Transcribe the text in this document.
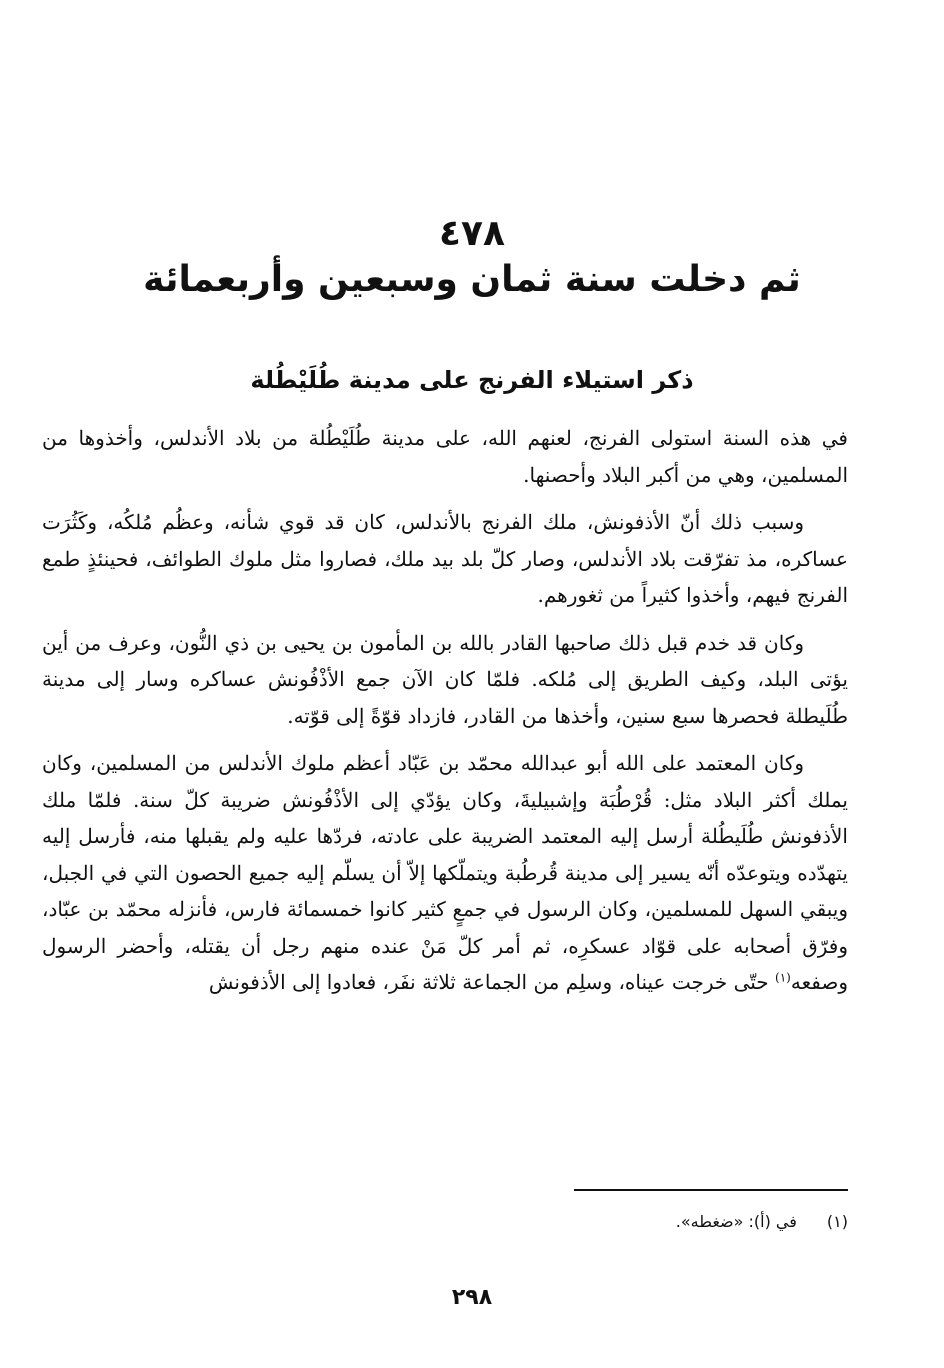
٤٧٨
ثم دخلت سنة ثمان وسبعين وأربعمائة
ذكر استيلاء الفرنج على مدينة طُلَيْطُلة

في هذه السنة استولى الفرنج، لعنهم الله، على مدينة طُلَيْطُلة من بلاد الأندلس، وأخذوها من المسلمين، وهي من أكبر البلاد وأحصنها.

وسبب ذلك أنّ الأذفونش، ملك الفرنج بالأندلس، كان قد قوي شأنه، وعظُم مُلكُه، وكَثُرَت عساكره، مذ تفرّقت بلاد الأندلس، وصار كلّ بلد بيد ملك، فصاروا مثل ملوك الطوائف، فحينئذٍ طمع الفرنج فيهم، وأخذوا كثيراً من ثغورهم.

وكان قد خدم قبل ذلك صاحبها القادر بالله بن المأمون بن يحيى بن ذي النُّون، وعرف من أين يؤتى البلد، وكيف الطريق إلى مُلكه. فلمّا كان الآن جمع الأذْفُونش عساكره وسار إلى مدينة طُلَيطلة فحصرها سبع سنين، وأخذها من القادر، فازداد قوّةً إلى قوّته.

وكان المعتمد على الله أبو عبدالله محمّد بن عَبّاد أعظم ملوك الأندلس من المسلمين، وكان يملك أكثر البلاد مثل: قُرْطُبَة وإشبيليةَ، وكان يؤدّي إلى الأذْفُونش ضريبة كلّ سنة. فلمّا ملك الأذفونش طُلَيطُلة أرسل إليه المعتمد الضريبة على عادته، فردّها عليه ولم يقبلها منه، فأرسل إليه يتهدّده ويتوعدّه أنّه يسير إلى مدينة قُرطُبة ويتملّكها إلاّ أن يسلّم إليه جميع الحصون التي في الجبل، ويبقي السهل للمسلمين، وكان الرسول في جمعٍ كثير كانوا خمسمائة فارس، فأنزله محمّد بن عبّاد، وفرّق أصحابه على قوّاد عسكرِه، ثم أمر كلّ مَنْ عنده منهم رجل أن يقتله، وأحضر الرسول وصفعه$^{(١)}$ حتّى خرجت عيناه، وسلِم من الجماعة ثلاثة نفَر، فعادوا إلى الأذفونش

(١)في (أ): «ضغطه».
٢٩٨
